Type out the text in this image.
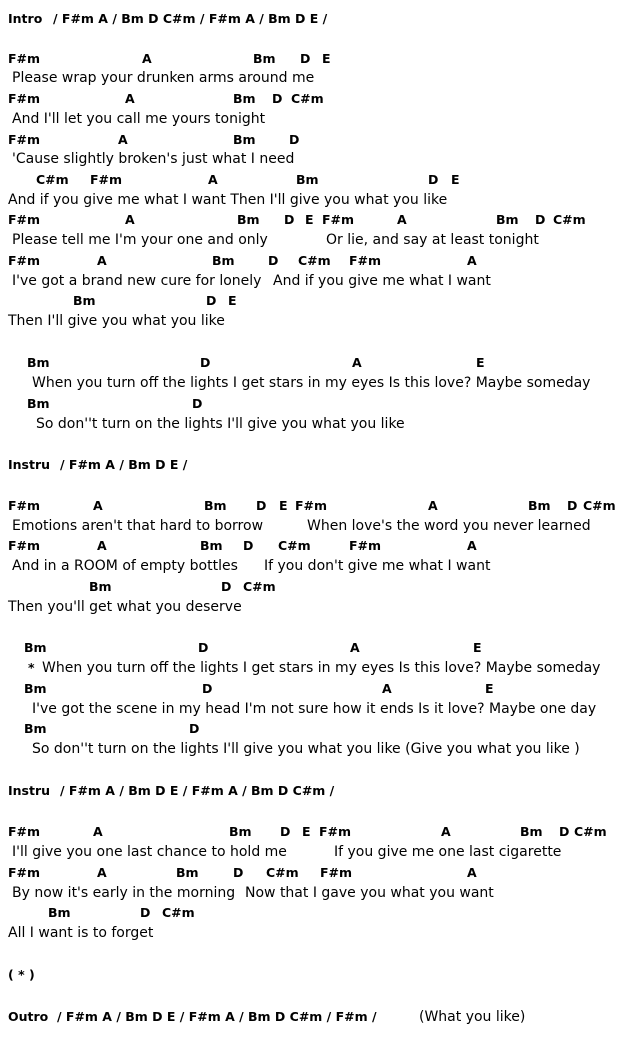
Intro / F#m A / Bm D C#m / F#m A / Bm D E /
F#m	A	Bm D E
Please wrap your drunken arms around me
F#m	A	Bm D C#m
And I'll let you call me yours tonight
F#m	A	Bm	D
'Cause slightly broken's just what I need
C#m F#m	A	Bm	D E
And if you give me what I want Then I'll give you what you like
F#m	A	Bm D E F#m	A	Bm D C#m
Please tell me I'm your one and only	Or lie, and say at least tonight
F#m	A	Bm	D C#m F#m	A
I've got a brand new cure for lonely And if you give me what I want
Bm	D E
Then I'll give you what you like
Bm	D	A	E
When you turn off the lights I get stars in my eyes Is this love? Maybe someday
Bm	D
So don''t turn on the lights I'll give you what you like
Instru / F#m A / Bm D E /
F#m	A	Bm D E F#m	A	Bm D C#m
Emotions aren't that hard to borrow	When love's the word you never learned
F#m	A	Bm D C#m	F#m	A
And in a ROOM of empty bottles If you don't give me what I want
Bm	D C#m
Then you'll get what you deserve
Bm	D	A	E
* When you turn off the lights I get stars in my eyes Is this love? Maybe someday
Bm	D	A	E
I've got the scene in my head I'm not sure how it ends Is it love? Maybe one day
Bm	D
So don''t turn on the lights I'll give you what you like (Give you what you like )
Instru / F#m A / Bm D E / F#m A / Bm D C#m /
F#m	A	Bm D E F#m	A	Bm D C#m
I'll give you one last chance to hold me	If you give me one last cigarette
F#m	A	Bm	D C#m F#m	A
By now it's early in the morning Now that I gave you what you want
Bm	D C#m
All I want is to forget
( * )
Outro / F#m A / Bm D E / F#m A / Bm D C#m / F#m /	(What you like)
